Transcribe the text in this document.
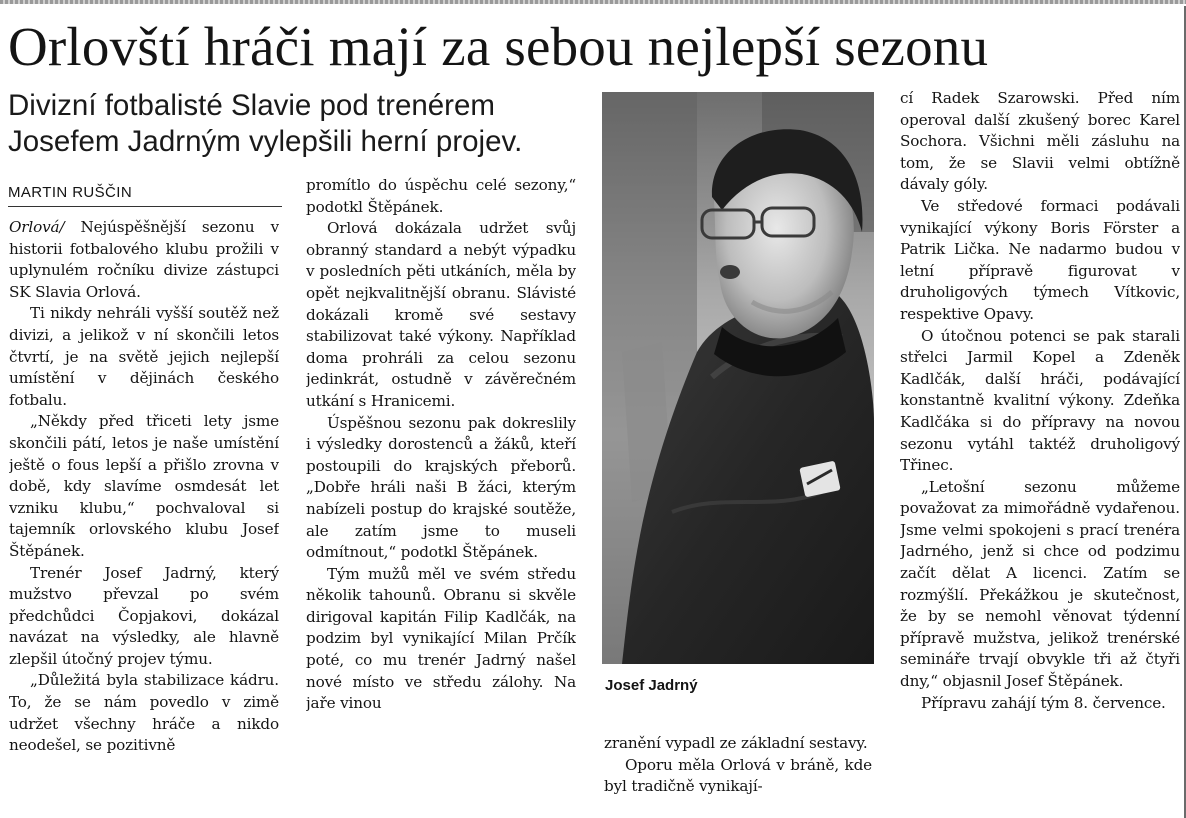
Orlovští hráči mají za sebou nejlepší sezonu
Divizní fotbalisté Slavie pod trenérem
Josefem Jadrným vylepšili herní projev.
MARTIN RUŠČIN

Orlová/ Nejúspěšnější sezonu v historii fotbalového klubu prožili v uplynulém ročníku divize zástupci SK Slavia Orlová.

Ti nikdy nehráli vyšší soutěž než divizi, a jelikož v ní skončili letos čtvrtí, je na světě jejich nejlepší umístění v dějinách českého fotbalu.

„Někdy před třiceti lety jsme skončili pátí, letos je naše umístění ještě o fous lepší a přišlo zrovna v době, kdy slavíme osmdesát let vzniku klubu,“ pochvaloval si tajemník orlovského klubu Josef Štěpánek.

Trenér Josef Jadrný, který mužstvo převzal po svém předchůdci Čopjakovi, dokázal navázat na výsledky, ale hlavně zlepšil útočný projev týmu.

„Důležitá byla stabilizace kádru. To, že se nám povedlo v zimě udržet všechny hráče a nikdo neodešel, se pozitivně

promítlo do úspěchu celé sezony,“ podotkl Štěpánek.

Orlová dokázala udržet svůj obranný standard a nebýt výpadku v posledních pěti utkáních, měla by opět nejkvalitnější obranu. Slávisté dokázali kromě své sestavy stabilizovat také výkony. Například doma prohráli za celou sezonu jedinkrát, ostudně v závěrečném utkání s Hranicemi.

Úspěšnou sezonu pak dokreslily i výsledky dorostenců a žáků, kteří postoupili do krajských přeborů. „Dobře hráli naši B žáci, kterým nabízeli postup do krajské soutěže, ale zatím jsme to museli odmítnout,“ podotkl Štěpánek.

Tým mužů měl ve svém středu několik tahounů. Obranu si skvěle dirigoval kapitán Filip Kadlčák, na podzim byl vynikající Milan Prčík poté, co mu trenér Jadrný našel nové místo ve středu zálohy. Na jaře vinou

Josef Jadrný

zranění vypadl ze základní sestavy.

Oporu měla Orlová v bráně, kde byl tradičně vynikají-

cí Radek Szarowski. Před ním operoval další zkušený borec Karel Sochora. Všichni měli zásluhu na tom, že se Slavii velmi obtížně dávaly góly.

Ve středové formaci podávali vynikající výkony Boris Förster a Patrik Lička. Ne nadarmo budou v letní přípravě figurovat v druholigových týmech Vítkovic, respektive Opavy.

O útočnou potenci se pak starali střelci Jarmil Kopel a Zdeněk Kadlčák, další hráči, podávající konstantně kvalitní výkony. Zdeňka Kadlčáka si do přípravy na novou sezonu vytáhl taktéž druholigový Třinec.

„Letošní sezonu můžeme považovat za mimořádně vydařenou. Jsme velmi spokojeni s prací trenéra Jadrného, jenž si chce od podzimu začít dělat A licenci. Zatím se rozmýšlí. Překážkou je skutečnost, že by se nemohl věnovat týdenní přípravě mužstva, jelikož trenérské semináře trvají obvykle tři až čtyři dny,“ objasnil Josef Štěpánek.

Přípravu zahájí tým 8. července.
